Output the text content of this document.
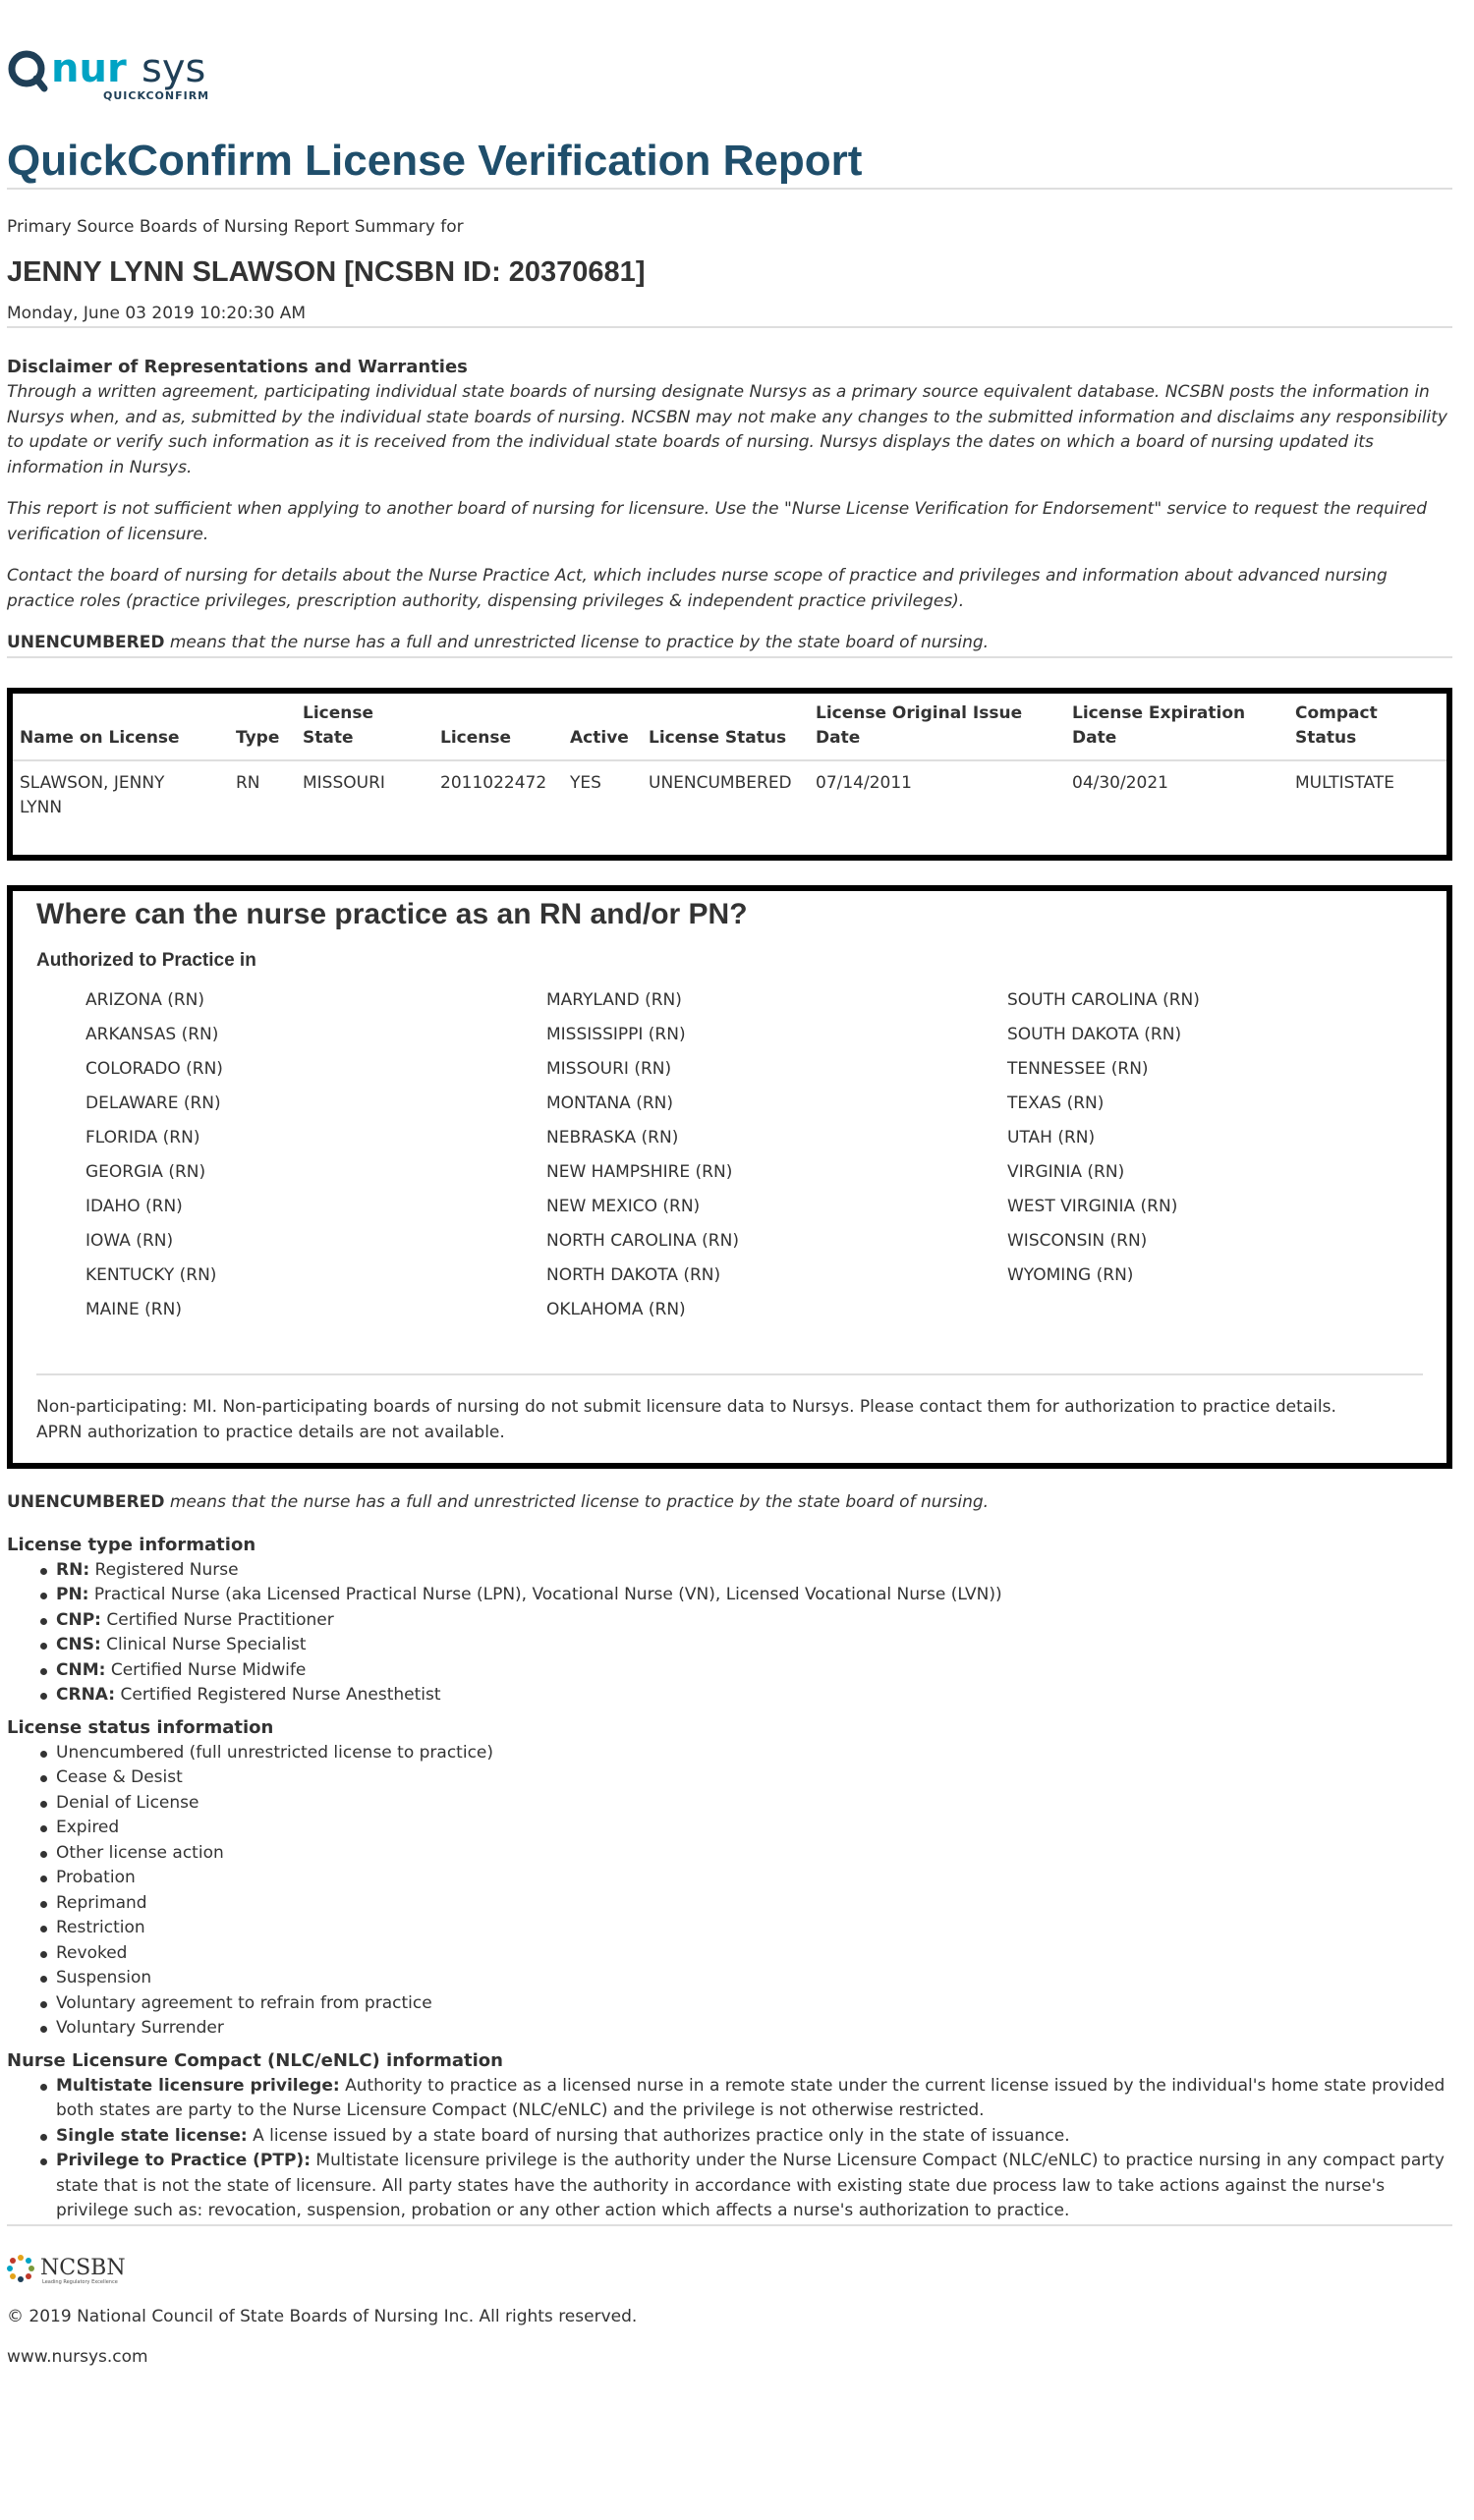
nur sys
QUICKCONFIRM
QuickConfirm License Verification Report
Primary Source Boards of Nursing Report Summary for
JENNY LYNN SLAWSON [NCSBN ID: 20370681]
Monday, June 03 2019 10:20:30 AM
Disclaimer of Representations and Warranties

Through a written agreement, participating individual state boards of nursing designate Nursys as a primary source equivalent database. NCSBN posts the information in Nursys when, and as, submitted by the individual state boards of nursing. NCSBN may not make any changes to the submitted information and disclaims any responsibility to update or verify such information as it is received from the individual state boards of nursing. Nursys displays the dates on which a board of nursing updated its information in Nursys.

This report is not sufficient when applying to another board of nursing for licensure. Use the "Nurse License Verification for Endorsement" service to request the required verification of licensure.

Contact the board of nursing for details about the Nurse Practice Act, which includes nurse scope of practice and privileges and information about advanced nursing practice roles (practice privileges, prescription authority, dispensing privileges & independent practice privileges).

UNENCUMBERED means that the nurse has a full and unrestricted license to practice by the state board of nursing.
Name on License	Type	License State	License	Active	License Status	License Original Issue Date	License Expiration Date	Compact Status
SLAWSON, JENNY LYNN	RN	MISSOURI	2011022472	YES	UNENCUMBERED	07/14/2011	04/30/2021	MULTISTATE
Where can the nurse practice as an RN and/or PN?
Authorized to Practice in
ARIZONA (RN)	MARYLAND (RN)	SOUTH CAROLINA (RN)
ARKANSAS (RN)	MISSISSIPPI (RN)	SOUTH DAKOTA (RN)
COLORADO (RN)	MISSOURI (RN)	TENNESSEE (RN)
DELAWARE (RN)	MONTANA (RN)	TEXAS (RN)
FLORIDA (RN)	NEBRASKA (RN)	UTAH (RN)
GEORGIA (RN)	NEW HAMPSHIRE (RN)	VIRGINIA (RN)
IDAHO (RN)	NEW MEXICO (RN)	WEST VIRGINIA (RN)
IOWA (RN)	NORTH CAROLINA (RN)	WISCONSIN (RN)
KENTUCKY (RN)	NORTH DAKOTA (RN)	WYOMING (RN)
MAINE (RN)	OKLAHOMA (RN)
Non-participating: MI. Non-participating boards of nursing do not submit licensure data to Nursys. Please contact them for authorization to practice details.
APRN authorization to practice details are not available.
UNENCUMBERED means that the nurse has a full and unrestricted license to practice by the state board of nursing.
License type information
RN: Registered Nurse
PN: Practical Nurse (aka Licensed Practical Nurse (LPN), Vocational Nurse (VN), Licensed Vocational Nurse (LVN))
CNP: Certified Nurse Practitioner
CNS: Clinical Nurse Specialist
CNM: Certified Nurse Midwife
CRNA: Certified Registered Nurse Anesthetist
License status information
Unencumbered (full unrestricted license to practice)
Cease & Desist
Denial of License
Expired
Other license action
Probation
Reprimand
Restriction
Revoked
Suspension
Voluntary agreement to refrain from practice
Voluntary Surrender
Nurse Licensure Compact (NLC/eNLC) information
Multistate licensure privilege: Authority to practice as a licensed nurse in a remote state under the current license issued by the individual's home state provided both states are party to the Nurse Licensure Compact (NLC/eNLC) and the privilege is not otherwise restricted.
Single state license: A license issued by a state board of nursing that authorizes practice only in the state of issuance.
Privilege to Practice (PTP): Multistate licensure privilege is the authority under the Nurse Licensure Compact (NLC/eNLC) to practice nursing in any compact party state that is not the state of licensure. All party states have the authority in accordance with existing state due process law to take actions against the nurse's privilege such as: revocation, suspension, probation or any other action which affects a nurse's authorization to practice.
NCSBN
Leading Regulatory Excellence
© 2019 National Council of State Boards of Nursing Inc. All rights reserved.
www.nursys.com
